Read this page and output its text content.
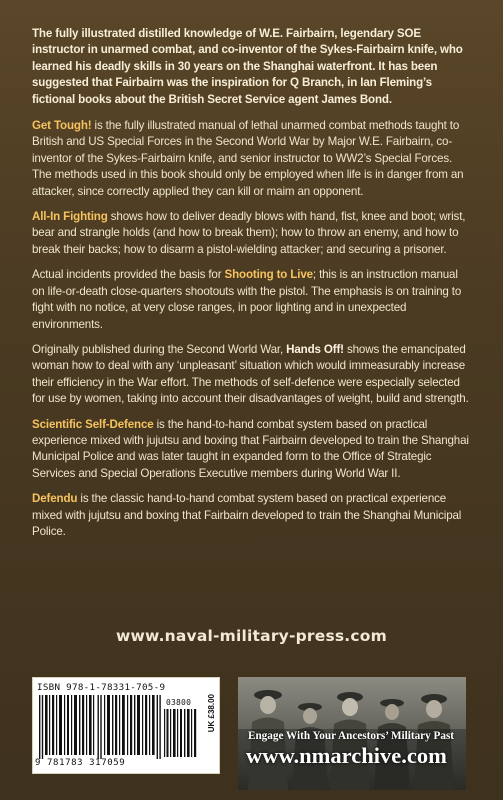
The fully illustrated distilled knowledge of W.E. Fairbairn, legendary SOE instructor in unarmed combat, and co-inventor of the Sykes-Fairbairn knife, who learned his deadly skills in 30 years on the Shanghai waterfront. It has been suggested that Fairbairn was the inspiration for Q Branch, in Ian Fleming’s fictional books about the British Secret Service agent James Bond.

Get Tough! is the fully illustrated manual of lethal unarmed combat methods taught to British and US Special Forces in the Second World War by Major W.E. Fairbairn, co-inventor of the Sykes-Fairbairn knife, and senior instructor to WW2’s Special Forces. The methods used in this book should only be employed when life is in danger from an attacker, since correctly applied they can kill or maim an opponent.

All-In Fighting shows how to deliver deadly blows with hand, fist, knee and boot; wrist, bear and strangle holds (and how to break them); how to throw an enemy, and how to break their backs; how to disarm a pistol-wielding attacker; and securing a prisoner.

Actual incidents provided the basis for Shooting to Live; this is an instruction manual on life-or-death close-quarters shootouts with the pistol. The emphasis is on training to fight with no notice, at very close ranges, in poor lighting and in unexpected environments.

Originally published during the Second World War, Hands Off! shows the emancipated woman how to deal with any ‘unpleasant’ situation which would immeasurably increase their efficiency in the War effort. The methods of self-defence were especially selected for use by women, taking into account their disadvantages of weight, build and strength.

Scientific Self-Defence is the hand-to-hand combat system based on practical experience mixed with jujutsu and boxing that Fairbairn developed to train the Shanghai Municipal Police and was later taught in expanded form to the Office of Strategic Services and Special Operations Executive members during World War II.

Defendu is the classic hand-to-hand combat system based on practical experience mixed with jujutsu and boxing that Fairbairn developed to train the Shanghai Municipal Police.

www.naval-military-press.com
ISBN 978-1-78331-705-9
UK £38.00
03800
9 781783 317059
Engage With Your Ancestors’ Military Past
www.nmarchive.com
